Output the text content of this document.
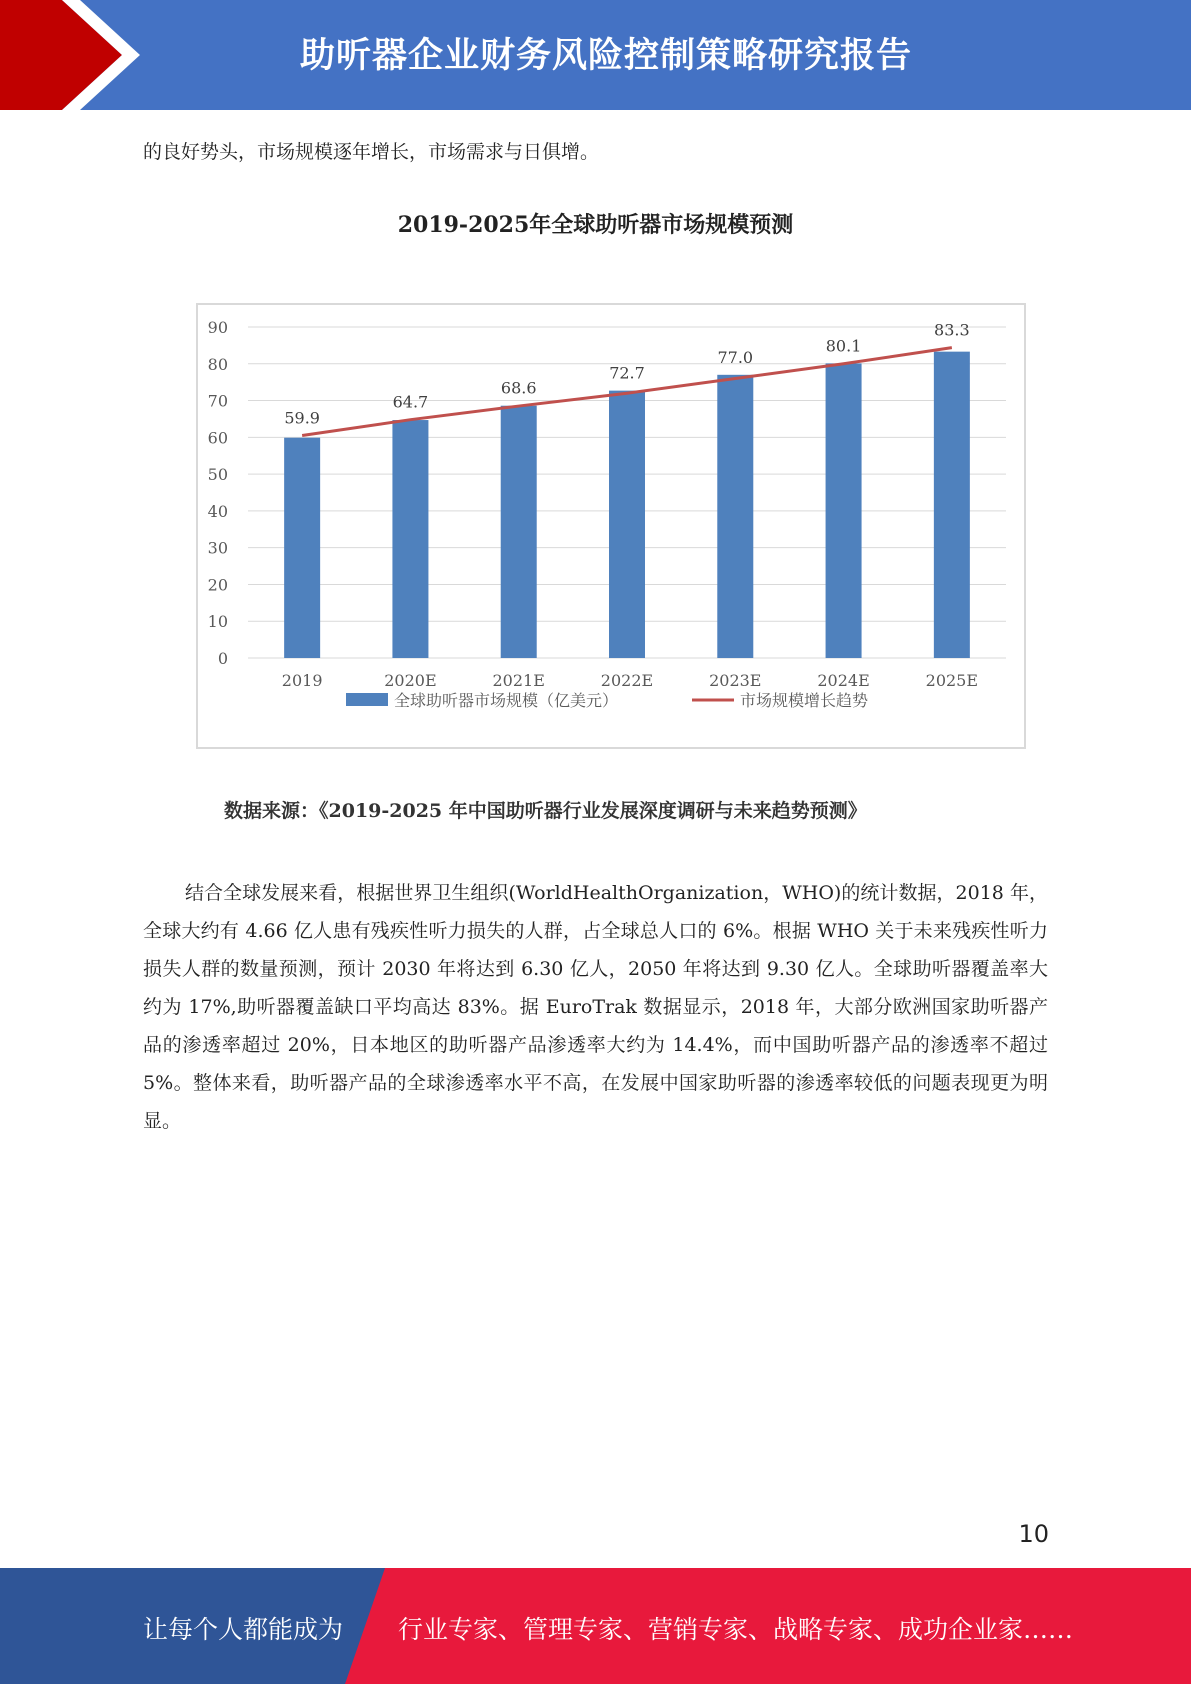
助听器企业财务风险控制策略研究报告
的良好势头，市场规模逐年增长，市场需求与日俱增。
2019-2025年全球助听器市场规模预测
0
10
20
30
40
50
60
70
80
90
2019	2020E	2021E	2022E	2023E	2024E	2025E
59.9
64.7
68.6
72.7
77.0
80.1
83.3
全球助听器市场规模（亿美元）	市场规模增长趋势
数据来源：《2019-2025 年中国助听器行业发展深度调研与未来趋势预测》
结合全球发展来看，根据世界卫生组织(WorldHealthOrganization，WHO)的统计数据，2018 年，全球大约有 4.66 亿人患有残疾性听力损失的人群，占全球总人口的 6%。根据 WHO 关于未来残疾性听力损失人群的数量预测，预计 2030 年将达到 6.30 亿人，2050 年将达到 9.30 亿人。全球助听器覆盖率大约为 17%,助听器覆盖缺口平均高达 83%。据 EuroTrak 数据显示，2018 年，大部分欧洲国家助听器产品的渗透率超过 20%，日本地区的助听器产品渗透率大约为 14.4%，而中国助听器产品的渗透率不超过 5%。整体来看，助听器产品的全球渗透率水平不高，在发展中国家助听器的渗透率较低的问题表现更为明显。
10
让每个人都能成为 行业专家、管理专家、营销专家、战略专家、成功企业家……
